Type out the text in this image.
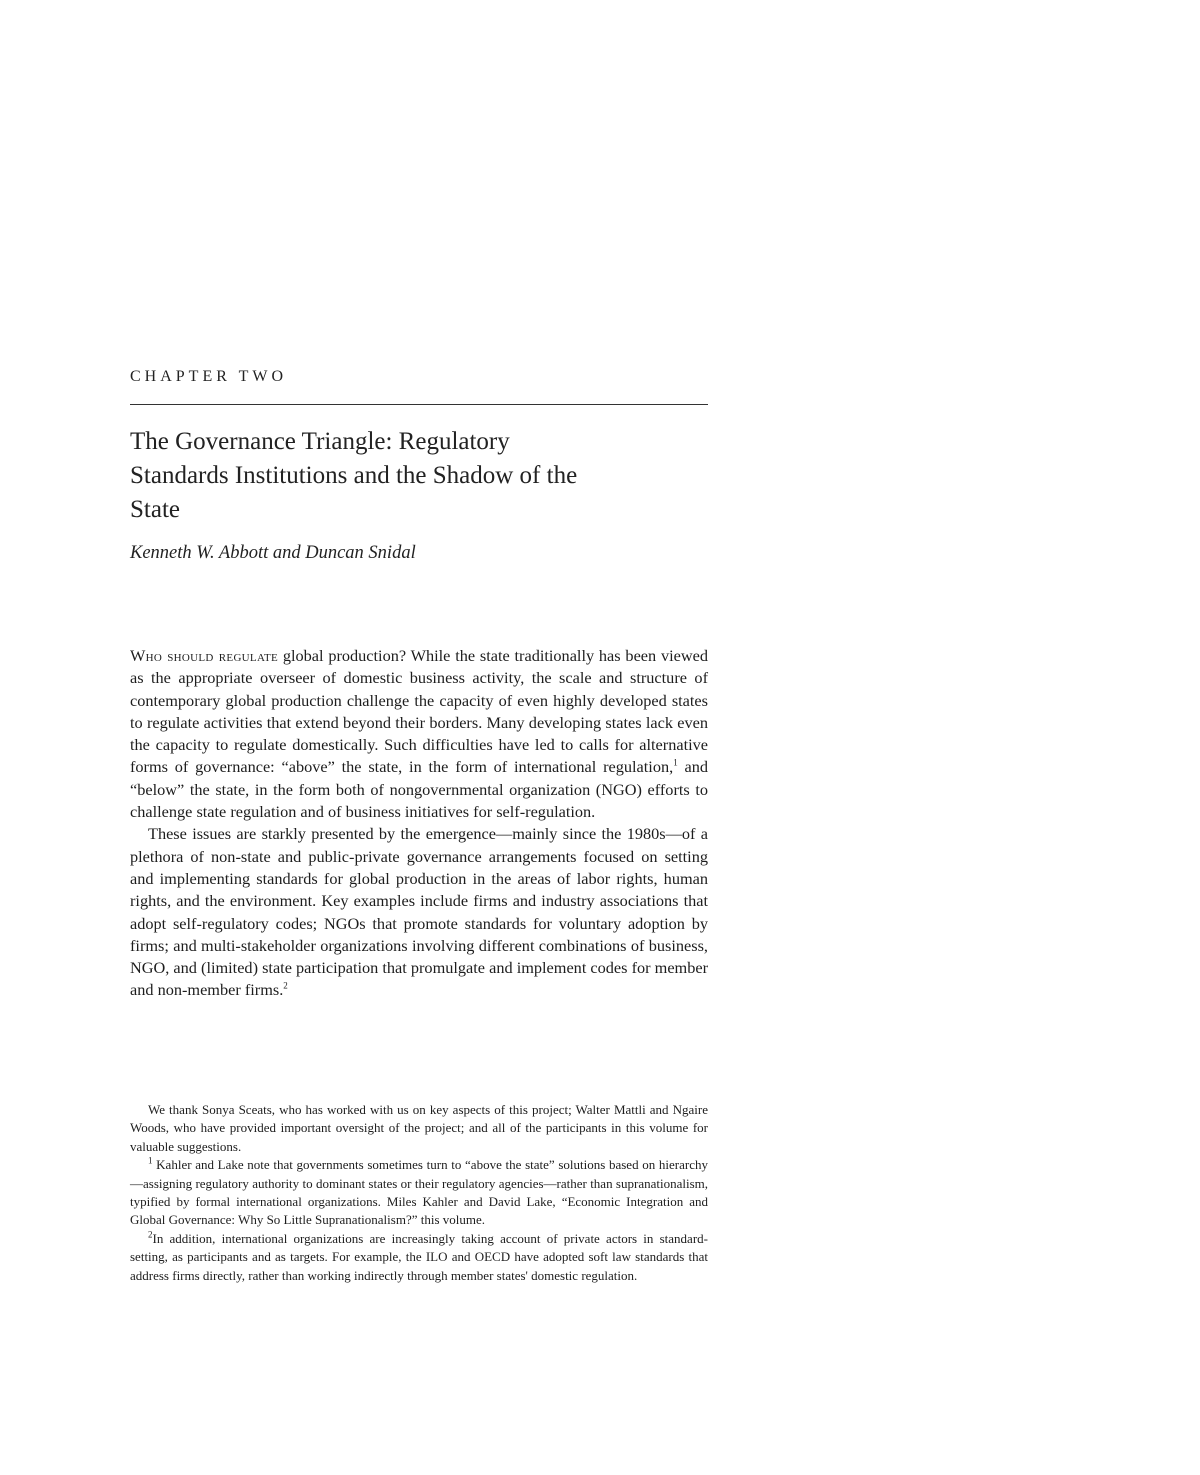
CHAPTER TWO
The Governance Triangle: Regulatory Standards Institutions and the Shadow of the State
Kenneth W. Abbott and Duncan Snidal

Who should regulate global production? While the state traditionally has been viewed as the appropriate overseer of domestic business activity, the scale and structure of contemporary global production challenge the capacity of even highly developed states to regulate activities that extend beyond their borders. Many developing states lack even the capacity to regulate domestically. Such difficulties have led to calls for alternative forms of governance: “above” the state, in the form of international regulation,$^1$ and “below” the state, in the form both of nongovernmental organization (NGO) efforts to challenge state regulation and of business initiatives for self-regulation.

These issues are starkly presented by the emergence—mainly since the 1980s—of a plethora of non-state and public-private governance arrangements focused on setting and implementing standards for global production in the areas of labor rights, human rights, and the environment. Key examples include firms and industry associations that adopt self-regulatory codes; NGOs that promote standards for voluntary adoption by firms; and multi-stakeholder organizations involving different combinations of business, NGO, and (limited) state participation that promulgate and implement codes for member and non-member firms.$^2$

We thank Sonya Sceats, who has worked with us on key aspects of this project; Walter Mattli and Ngaire Woods, who have provided important oversight of the project; and all of the participants in this volume for valuable suggestions.

$^1$ Kahler and Lake note that governments sometimes turn to “above the state” solutions based on hierarchy—assigning regulatory authority to dominant states or their regulatory agencies—rather than supranationalism, typified by formal international organizations. Miles Kahler and David Lake, “Economic Integration and Global Governance: Why So Little Supranationalism?” this volume.

$^2$In addition, international organizations are increasingly taking account of private actors in standard-setting, as participants and as targets. For example, the ILO and OECD have adopted soft law standards that address firms directly, rather than working indirectly through member states' domestic regulation.
